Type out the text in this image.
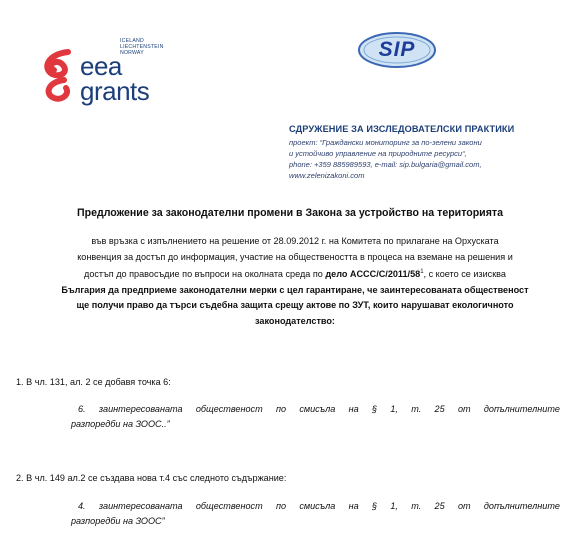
ICELAND
LIECHTENSTEIN
NORWAY
eea
grants
SIP
СДРУЖЕНИЕ ЗА ИЗСЛЕДОВАТЕЛСКИ ПРАКТИКИ
проект: “Граждански мониторинг за по-зелени закони
и устойчиво управление на природните ресурси“,
phone: +359 885989593, e-mail: sip.bulgaria@gmail.com,
www.zelenizakoni.com
Предложение за законодателни промени в Закона за устройство на територията
във връзка с изпълнението на решение от 28.09.2012 г. на Комитета по прилагане на Орхуската
конвенция за достъп до информация, участие на обществеността в процеса на вземане на решения и
достъп до правосъдие по въпроси на околната среда по дело ACCC/$C/2011/58^1$, с което се изисква
България да предприеме законодателни мерки с цел гарантиране, че заинтересованата общественост
ще получи право да търси съдебна защита срещу актове по ЗУТ, които нарушават екологичното
законодателство:
1. В чл. 131, ал. 2 се добавя точка 6:
6. заинтересованата общественост по смисъла на § 1, т. 25 от допълнителните
разпоредби на ЗООС..”
2. В чл. 149 ал.2 се създава нова т.4 със следното съдържание:
4. заинтересованата общественост по смисъла на § 1, т. 25 от допълнителните
разпоредби на ЗООС”
